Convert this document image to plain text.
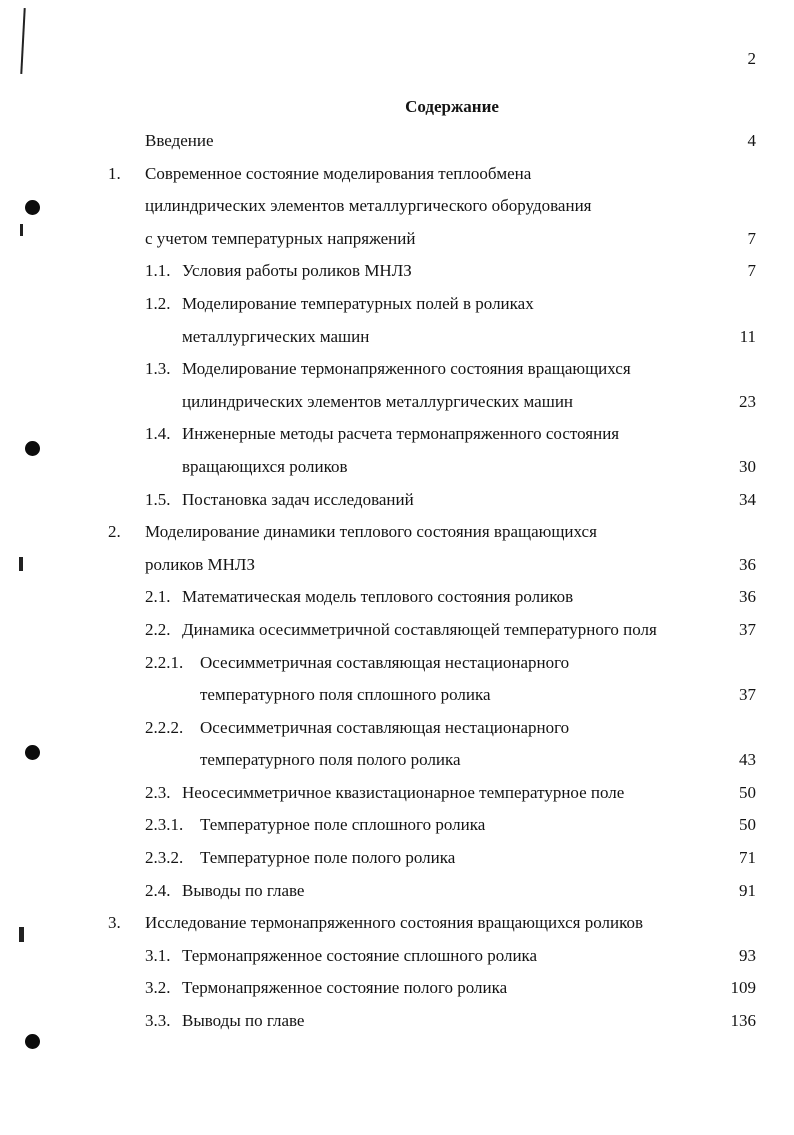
2
Содержание
Введение	4
1. Современное состояние моделирования теплообмена
цилиндрических элементов металлургического оборудования
с учетом температурных напряжений	7
1.1. Условия работы роликов МНЛЗ	7
1.2. Моделирование температурных полей в роликах
металлургических машин	11
1.3. Моделирование термонапряженного состояния вращающихся
цилиндрических элементов металлургических машин	23
1.4. Инженерные методы расчета термонапряженного состояния
вращающихся роликов	30
1.5. Постановка задач исследований	34
2. Моделирование динамики теплового состояния вращающихся
роликов МНЛЗ	36
2.1. Математическая модель теплового состояния роликов	36
2.2. Динамика осесимметричной составляющей температурного поля	37
2.2.1. Осесимметричная составляющая нестационарного
температурного поля сплошного ролика	37
2.2.2. Осесимметричная составляющая нестационарного
температурного поля полого ролика	43
2.3. Неосесимметричное квазистационарное температурное поле	50
2.3.1. Температурное поле сплошного ролика	50
2.3.2. Температурное поле полого ролика	71
2.4. Выводы по главе	91
3. Исследование термонапряженного состояния вращающихся роликов
3.1. Термонапряженное состояние сплошного ролика	93
3.2. Термонапряженное состояние полого ролика	109
3.3. Выводы по главе	136
